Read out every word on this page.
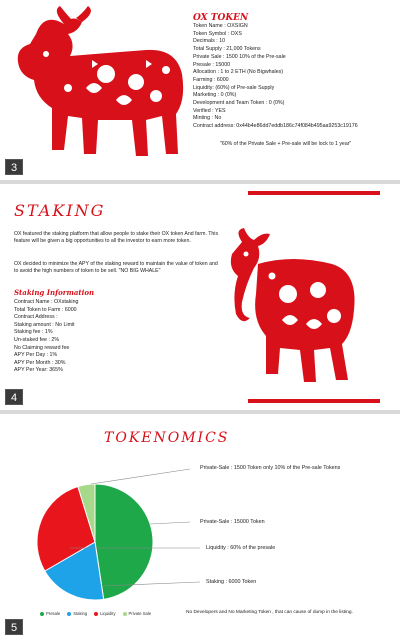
OX TOKEN
Token Name : OXSIGN
Token Symbol : OXS
Decimals : 10
Total Supply : 21,000 Tokens
Private Sale : 1500 10% of the Pre-sale
Presale : 15000
Allocation : 1 to 2 ETH (No Bigwhales)
Farming : 6000
Liquidity: (60%) of Pre-sale Supply
Marketing : 0 (0%)
Development and Team Token : 0 (0%)
Verified : YES
Minting : No
Contract address: 0x44b4e86dd7eddb186c74f084b495aa9253c19176
"60% of the Private Sale + Pre-sale will be lock to 1 year"
3
STAKING
OX featured the staking platform that allow people to stake their OX token And farm. This feature will be given a big opportunities to all the investor to earn more token.
OX decided to minimize the APY of the staking reward to maintain the value of token and to avoid the high numbers of token to be sell. "NO BIG WHALE"
Staking Information
Contract Name : OXstaking
Total Token to Farm : 6000
Contract Address :
Staking amount : No Limit
Staking fee : 1%
Un-staked fee : 2%
No Claiming reward fee
APY Per Day : 1%
APY Per Month : 30%
APY Per Year: 365%
4
TOKENOMICS
Private-Sale : 1500 Token only 10% of the Pre-sale Tokens
Private-Sale : 15000 Token
Liquidity : 60% of the presale
Staking : 6000 Token
Presale	Staking	Liquidity	Private Sale	No Developers and No Marketing Token , that can cause of dump in the listing.
5
